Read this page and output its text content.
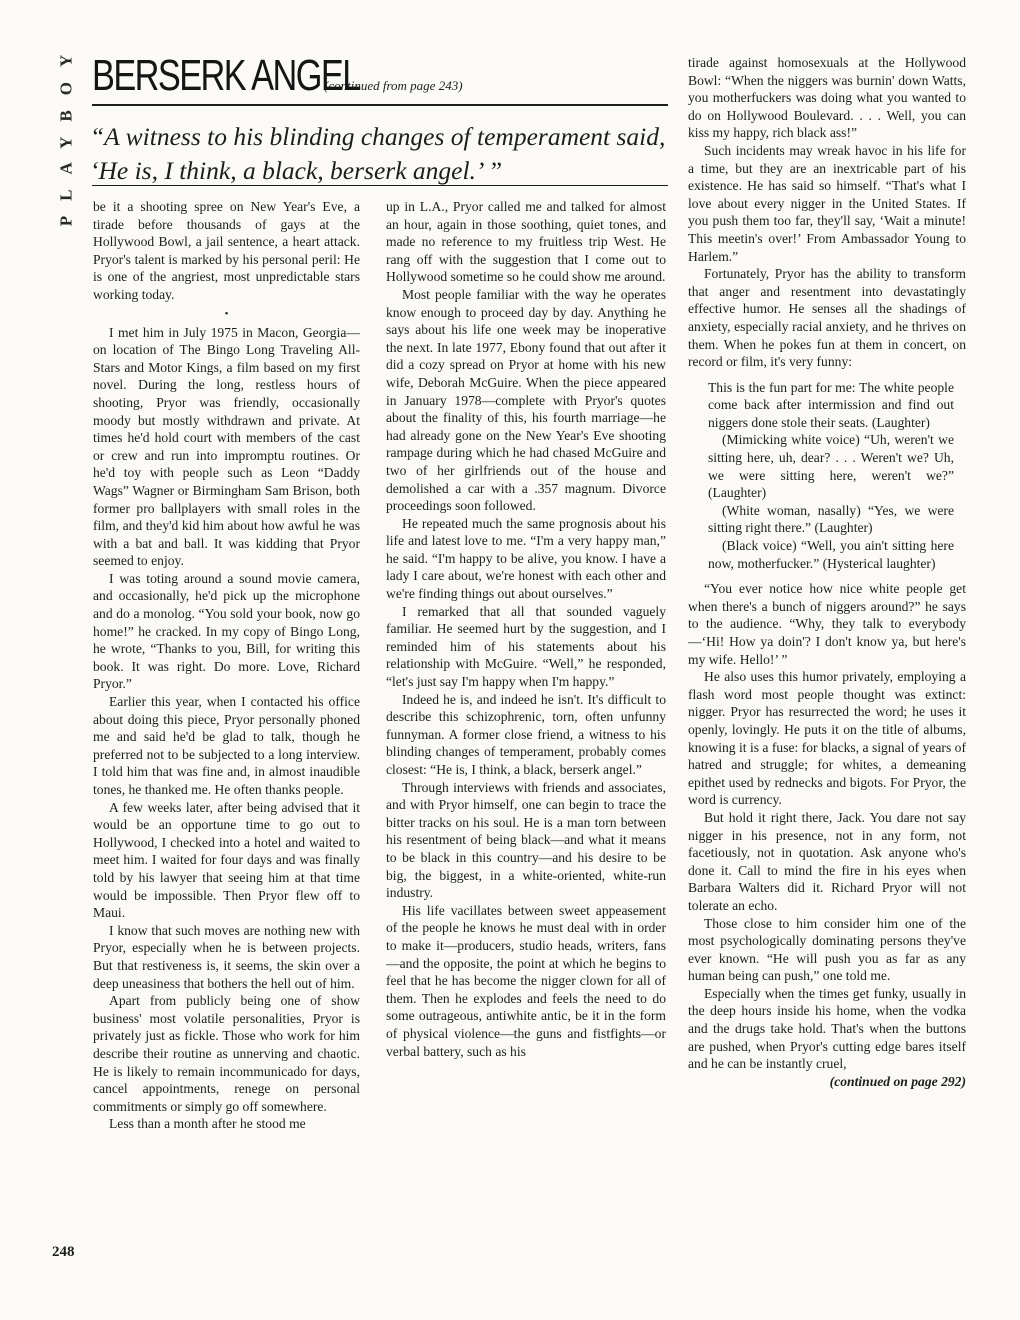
PLAYBOY
248
BERSERK ANGEL
(continued from page 243)
“A witness to his blinding changes of temperament said, ‘He is, I think, a black, berserk angel.’ ”

be it a shooting spree on New Year's Eve, a tirade before thousands of gays at the Hollywood Bowl, a jail sentence, a heart attack. Pryor's talent is marked by his personal peril: He is one of the angriest, most unpredictable stars working today.

•

I met him in July 1975 in Macon, Georgia—on location of The Bingo Long Traveling All-Stars and Motor Kings, a film based on my first novel. During the long, restless hours of shooting, Pryor was friendly, occasionally moody but mostly withdrawn and private. At times he'd hold court with members of the cast or crew and run into impromptu routines. Or he'd toy with people such as Leon “Daddy Wags” Wagner or Birmingham Sam Brison, both former pro ballplayers with small roles in the film, and they'd kid him about how awful he was with a bat and ball. It was kidding that Pryor seemed to enjoy.

I was toting around a sound movie camera, and occasionally, he'd pick up the microphone and do a monolog. “You sold your book, now go home!” he cracked. In my copy of Bingo Long, he wrote, “Thanks to you, Bill, for writing this book. It was right. Do more. Love, Richard Pryor.”

Earlier this year, when I contacted his office about doing this piece, Pryor personally phoned me and said he'd be glad to talk, though he preferred not to be subjected to a long interview. I told him that was fine and, in almost inaudible tones, he thanked me. He often thanks people.

A few weeks later, after being advised that it would be an opportune time to go out to Hollywood, I checked into a hotel and waited to meet him. I waited for four days and was finally told by his lawyer that seeing him at that time would be impossible. Then Pryor flew off to Maui.

I know that such moves are nothing new with Pryor, especially when he is between projects. But that restiveness is, it seems, the skin over a deep uneasiness that bothers the hell out of him.

Apart from publicly being one of show business' most volatile personalities, Pryor is privately just as fickle. Those who work for him describe their routine as unnerving and chaotic. He is likely to remain incommunicado for days, cancel appointments, renege on personal commitments or simply go off somewhere.

Less than a month after he stood me

up in L.A., Pryor called me and talked for almost an hour, again in those soothing, quiet tones, and made no reference to my fruitless trip West. He rang off with the suggestion that I come out to Hollywood sometime so he could show me around.

Most people familiar with the way he operates know enough to proceed day by day. Anything he says about his life one week may be inoperative the next. In late 1977, Ebony found that out after it did a cozy spread on Pryor at home with his new wife, Deborah McGuire. When the piece appeared in January 1978—complete with Pryor's quotes about the finality of this, his fourth marriage—he had already gone on the New Year's Eve shooting rampage during which he had chased McGuire and two of her girlfriends out of the house and demolished a car with a .357 magnum. Divorce proceedings soon followed.

He repeated much the same prognosis about his life and latest love to me. “I'm a very happy man,” he said. “I'm happy to be alive, you know. I have a lady I care about, we're honest with each other and we're finding things out about ourselves.”

I remarked that all that sounded vaguely familiar. He seemed hurt by the suggestion, and I reminded him of his statements about his relationship with McGuire. “Well,” he responded, “let's just say I'm happy when I'm happy.”

Indeed he is, and indeed he isn't. It's difficult to describe this schizophrenic, torn, often unfunny funnyman. A former close friend, a witness to his blinding changes of temperament, probably comes closest: “He is, I think, a black, berserk angel.”

Through interviews with friends and associates, and with Pryor himself, one can begin to trace the bitter tracks on his soul. He is a man torn between his resentment of being black—and what it means to be black in this country—and his desire to be big, the biggest, in a white-oriented, white-run industry.

His life vacillates between sweet appeasement of the people he knows he must deal with in order to make it—producers, studio heads, writers, fans—and the opposite, the point at which he begins to feel that he has become the nigger clown for all of them. Then he explodes and feels the need to do some outrageous, antiwhite antic, be it in the form of physical violence—the guns and fistfights—or verbal battery, such as his

tirade against homosexuals at the Hollywood Bowl: “When the niggers was burnin' down Watts, you motherfuckers was doing what you wanted to do on Hollywood Boulevard. . . . Well, you can kiss my happy, rich black ass!”

Such incidents may wreak havoc in his life for a time, but they are an inextricable part of his existence. He has said so himself. “That's what I love about every nigger in the United States. If you push them too far, they'll say, ‘Wait a minute! This meetin's over!’ From Ambassador Young to Harlem.”

Fortunately, Pryor has the ability to transform that anger and resentment into devastatingly effective humor. He senses all the shadings of anxiety, especially racial anxiety, and he thrives on them. When he pokes fun at them in concert, on record or film, it's very funny:

This is the fun part for me: The white people come back after intermission and find out niggers done stole their seats. (Laughter)

(Mimicking white voice) “Uh, weren't we sitting here, uh, dear? . . . Weren't we? Uh, we were sitting here, weren't we?” (Laughter)

(White woman, nasally) “Yes, we were sitting right there.” (Laughter)

(Black voice) “Well, you ain't sitting here now, motherfucker.” (Hysterical laughter)

“You ever notice how nice white people get when there's a bunch of niggers around?” he says to the audience. “Why, they talk to everybody—‘Hi! How ya doin'? I don't know ya, but here's my wife. Hello!’ ”

He also uses this humor privately, employing a flash word most people thought was extinct: nigger. Pryor has resurrected the word; he uses it openly, lovingly. He puts it on the title of albums, knowing it is a fuse: for blacks, a signal of years of hatred and struggle; for whites, a demeaning epithet used by rednecks and bigots. For Pryor, the word is currency.

But hold it right there, Jack. You dare not say nigger in his presence, not in any form, not facetiously, not in quotation. Ask anyone who's done it. Call to mind the fire in his eyes when Barbara Walters did it. Richard Pryor will not tolerate an echo.

Those close to him consider him one of the most psychologically dominating persons they've ever known. “He will push you as far as any human being can push,” one told me.

Especially when the times get funky, usually in the deep hours inside his home, when the vodka and the drugs take hold. That's when the buttons are pushed, when Pryor's cutting edge bares itself and he can be instantly cruel,

(continued on page 292)
